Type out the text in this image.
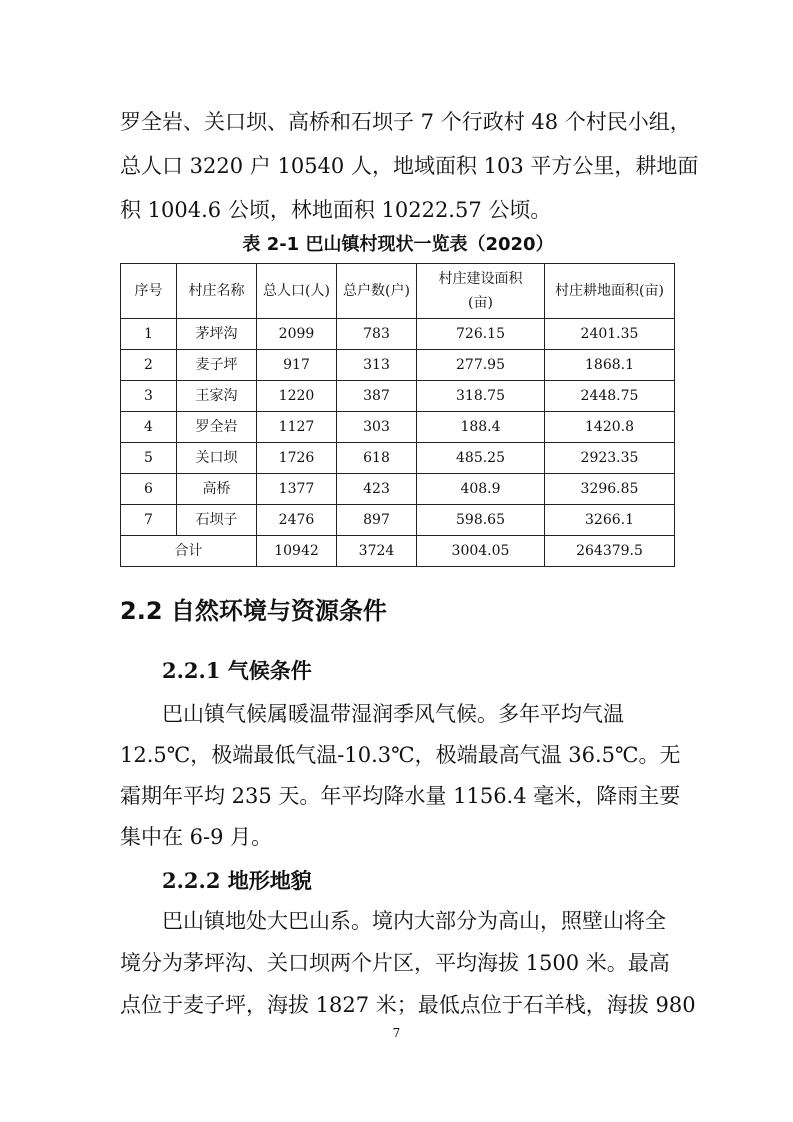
罗全岩、关口坝、高桥和石坝子 7 个行政村 48 个村民小组，
总人口 3220 户 10540 人，地域面积 103 平方公里，耕地面
积 1004.6 公顷，林地面积 10222.57 公顷。
表 2-1 巴山镇村现状一览表（2020）
序号	村庄名称	总人口(人)	总户数(户)	村庄建设面积
(亩)	村庄耕地面积(亩)
1	茅坪沟	2099	783	726.15	2401.35
2	麦子坪	917	313	277.95	1868.1
3	王家沟	1220	387	318.75	2448.75
4	罗全岩	1127	303	188.4	1420.8
5	关口坝	1726	618	485.25	2923.35
6	高桥	1377	423	408.9	3296.85
7	石坝子	2476	897	598.65	3266.1
合计		10942	3724	3004.05	264379.5
2.2 自然环境与资源条件
2.2.1 气候条件
巴山镇气候属暖温带湿润季风气候。多年平均气温
12.5℃，极端最低气温-10.3℃，极端最高气温 36.5℃。无
霜期年平均 235 天。年平均降水量 1156.4 毫米，降雨主要
集中在 6-9 月。
2.2.2 地形地貌
巴山镇地处大巴山系。境内大部分为高山，照壁山将全
境分为茅坪沟、关口坝两个片区，平均海拔 1500 米。最高
点位于麦子坪，海拔 1827 米；最低点位于石羊栈，海拔 980
7
